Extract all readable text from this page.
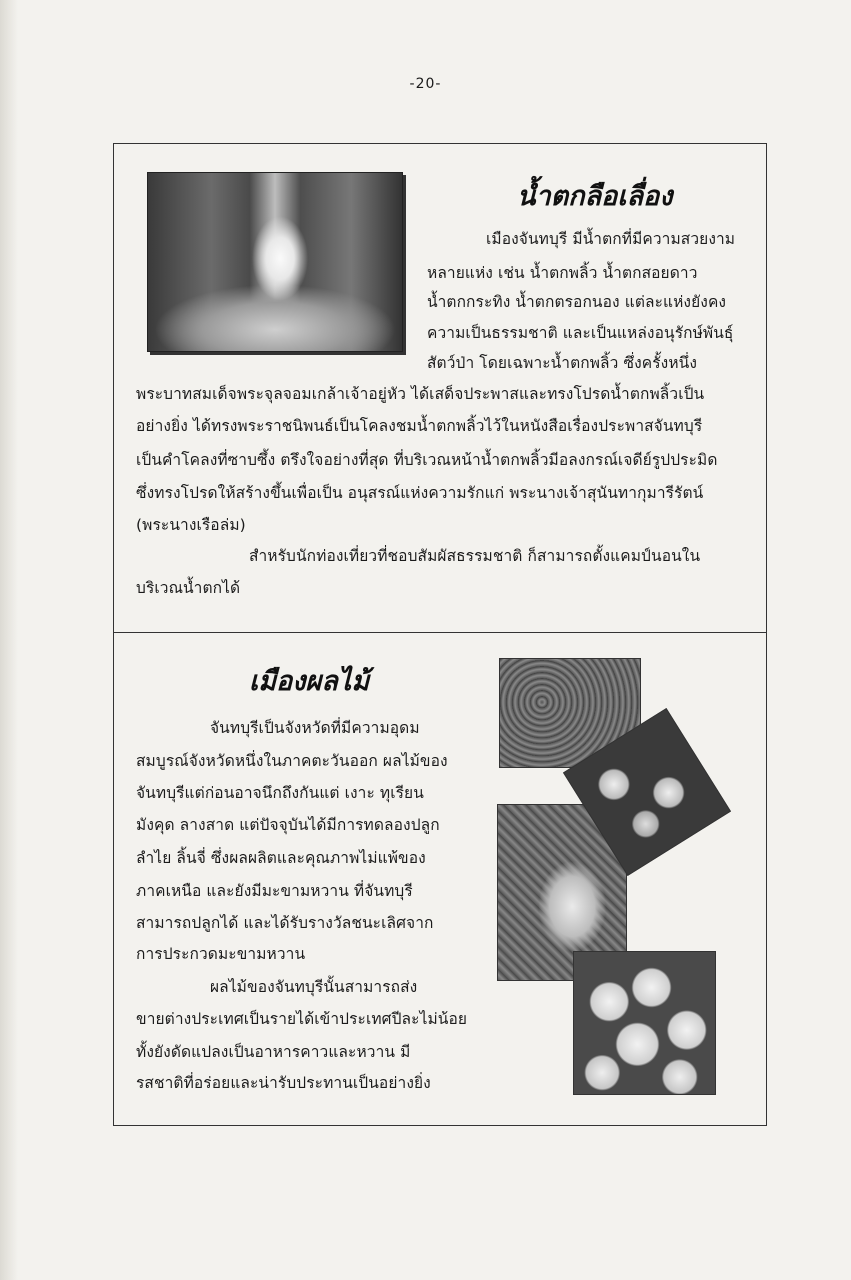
-20-
น้ำตกลือเลื่อง
เมืองจันทบุรี มีน้ำตกที่มีความสวยงาม
หลายแห่ง เช่น น้ำตกพลิ้ว น้ำตกสอยดาว
น้ำตกกระทิง น้ำตกตรอกนอง แต่ละแห่งยังคง
ความเป็นธรรมชาติ และเป็นแหล่งอนุรักษ์พันธุ์
สัตว์ป่า โดยเฉพาะน้ำตกพลิ้ว ซึ่งครั้งหนึ่ง
พระบาทสมเด็จพระจุลจอมเกล้าเจ้าอยู่หัว ได้เสด็จประพาสและทรงโปรดน้ำตกพลิ้วเป็น
อย่างยิ่ง ได้ทรงพระราชนิพนธ์เป็นโคลงชมน้ำตกพลิ้วไว้ในหนังสือเรื่องประพาสจันทบุรี
เป็นคำโคลงที่ซาบซึ้ง ตรึงใจอย่างที่สุด ที่บริเวณหน้าน้ำตกพลิ้วมีอลงกรณ์เจดีย์รูปประมิด
ซึ่งทรงโปรดให้สร้างขึ้นเพื่อเป็น อนุสรณ์แห่งความรักแก่ พระนางเจ้าสุนันทากุมารีรัตน์
(พระนางเรือล่ม)
สำหรับนักท่องเที่ยวที่ชอบสัมผัสธรรมชาติ ก็สามารถตั้งแคมป์นอนใน
บริเวณน้ำตกได้
เมืองผลไม้
จันทบุรีเป็นจังหวัดที่มีความอุดม
สมบูรณ์จังหวัดหนึ่งในภาคตะวันออก ผลไม้ของ
จันทบุรีแต่ก่อนอาจนึกถึงกันแต่ เงาะ ทุเรียน
มังคุด ลางสาด แต่ปัจจุบันได้มีการทดลองปลูก
ลำไย ลิ้นจี่ ซึ่งผลผลิตและคุณภาพไม่แพ้ของ
ภาคเหนือ และยังมีมะขามหวาน ที่จันทบุรี
สามารถปลูกได้ และได้รับรางวัลชนะเลิศจาก
การประกวดมะขามหวาน
ผลไม้ของจันทบุรีนั้นสามารถส่ง
ขายต่างประเทศเป็นรายได้เข้าประเทศปีละไม่น้อย
ทั้งยังดัดแปลงเป็นอาหารคาวและหวาน มี
รสชาติที่อร่อยและน่ารับประทานเป็นอย่างยิ่ง
